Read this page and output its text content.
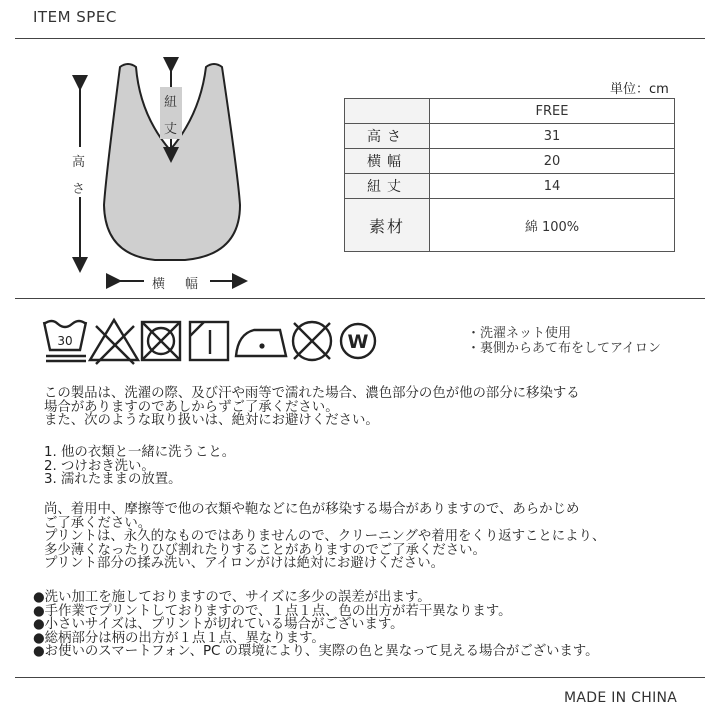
ITEM SPEC
高
さ
紐
丈
横 幅
単位：cm
	FREE
高さ	31
横幅	20
紐丈	14
素材	綿 100%
30	W	・洗濯ネット使用
・裏側からあて布をしてアイロン
この製品は、洗濯の際、及び汗や雨等で濡れた場合、濃色部分の色が他の部分に移染する
場合がありますのであしからずご了承ください。
また、次のような取り扱いは、絶対にお避けください。
1. 他の衣類と一緒に洗うこと。
2. つけおき洗い。
3. 濡れたままの放置。
尚、着用中、摩擦等で他の衣類や鞄などに色が移染する場合がありますので、あらかじめ
ご了承ください。
プリントは、永久的なものではありませんので、クリーニングや着用をくり返すことにより、
多少薄くなったりひび割れたりすることがありますのでご了承ください。
プリント部分の揉み洗い、アイロンがけは絶対にお避けください。
●洗い加工を施しておりますので、サイズに多少の誤差が出ます。
●手作業でプリントしておりますので、１点１点、色の出方が若干異なります。
●小さいサイズは、プリントが切れている場合がございます。
●総柄部分は柄の出方が１点１点、異なります。
●お使いのスマートフォン、PC の環境により、実際の色と異なって見える場合がございます。
MADE IN CHINA
